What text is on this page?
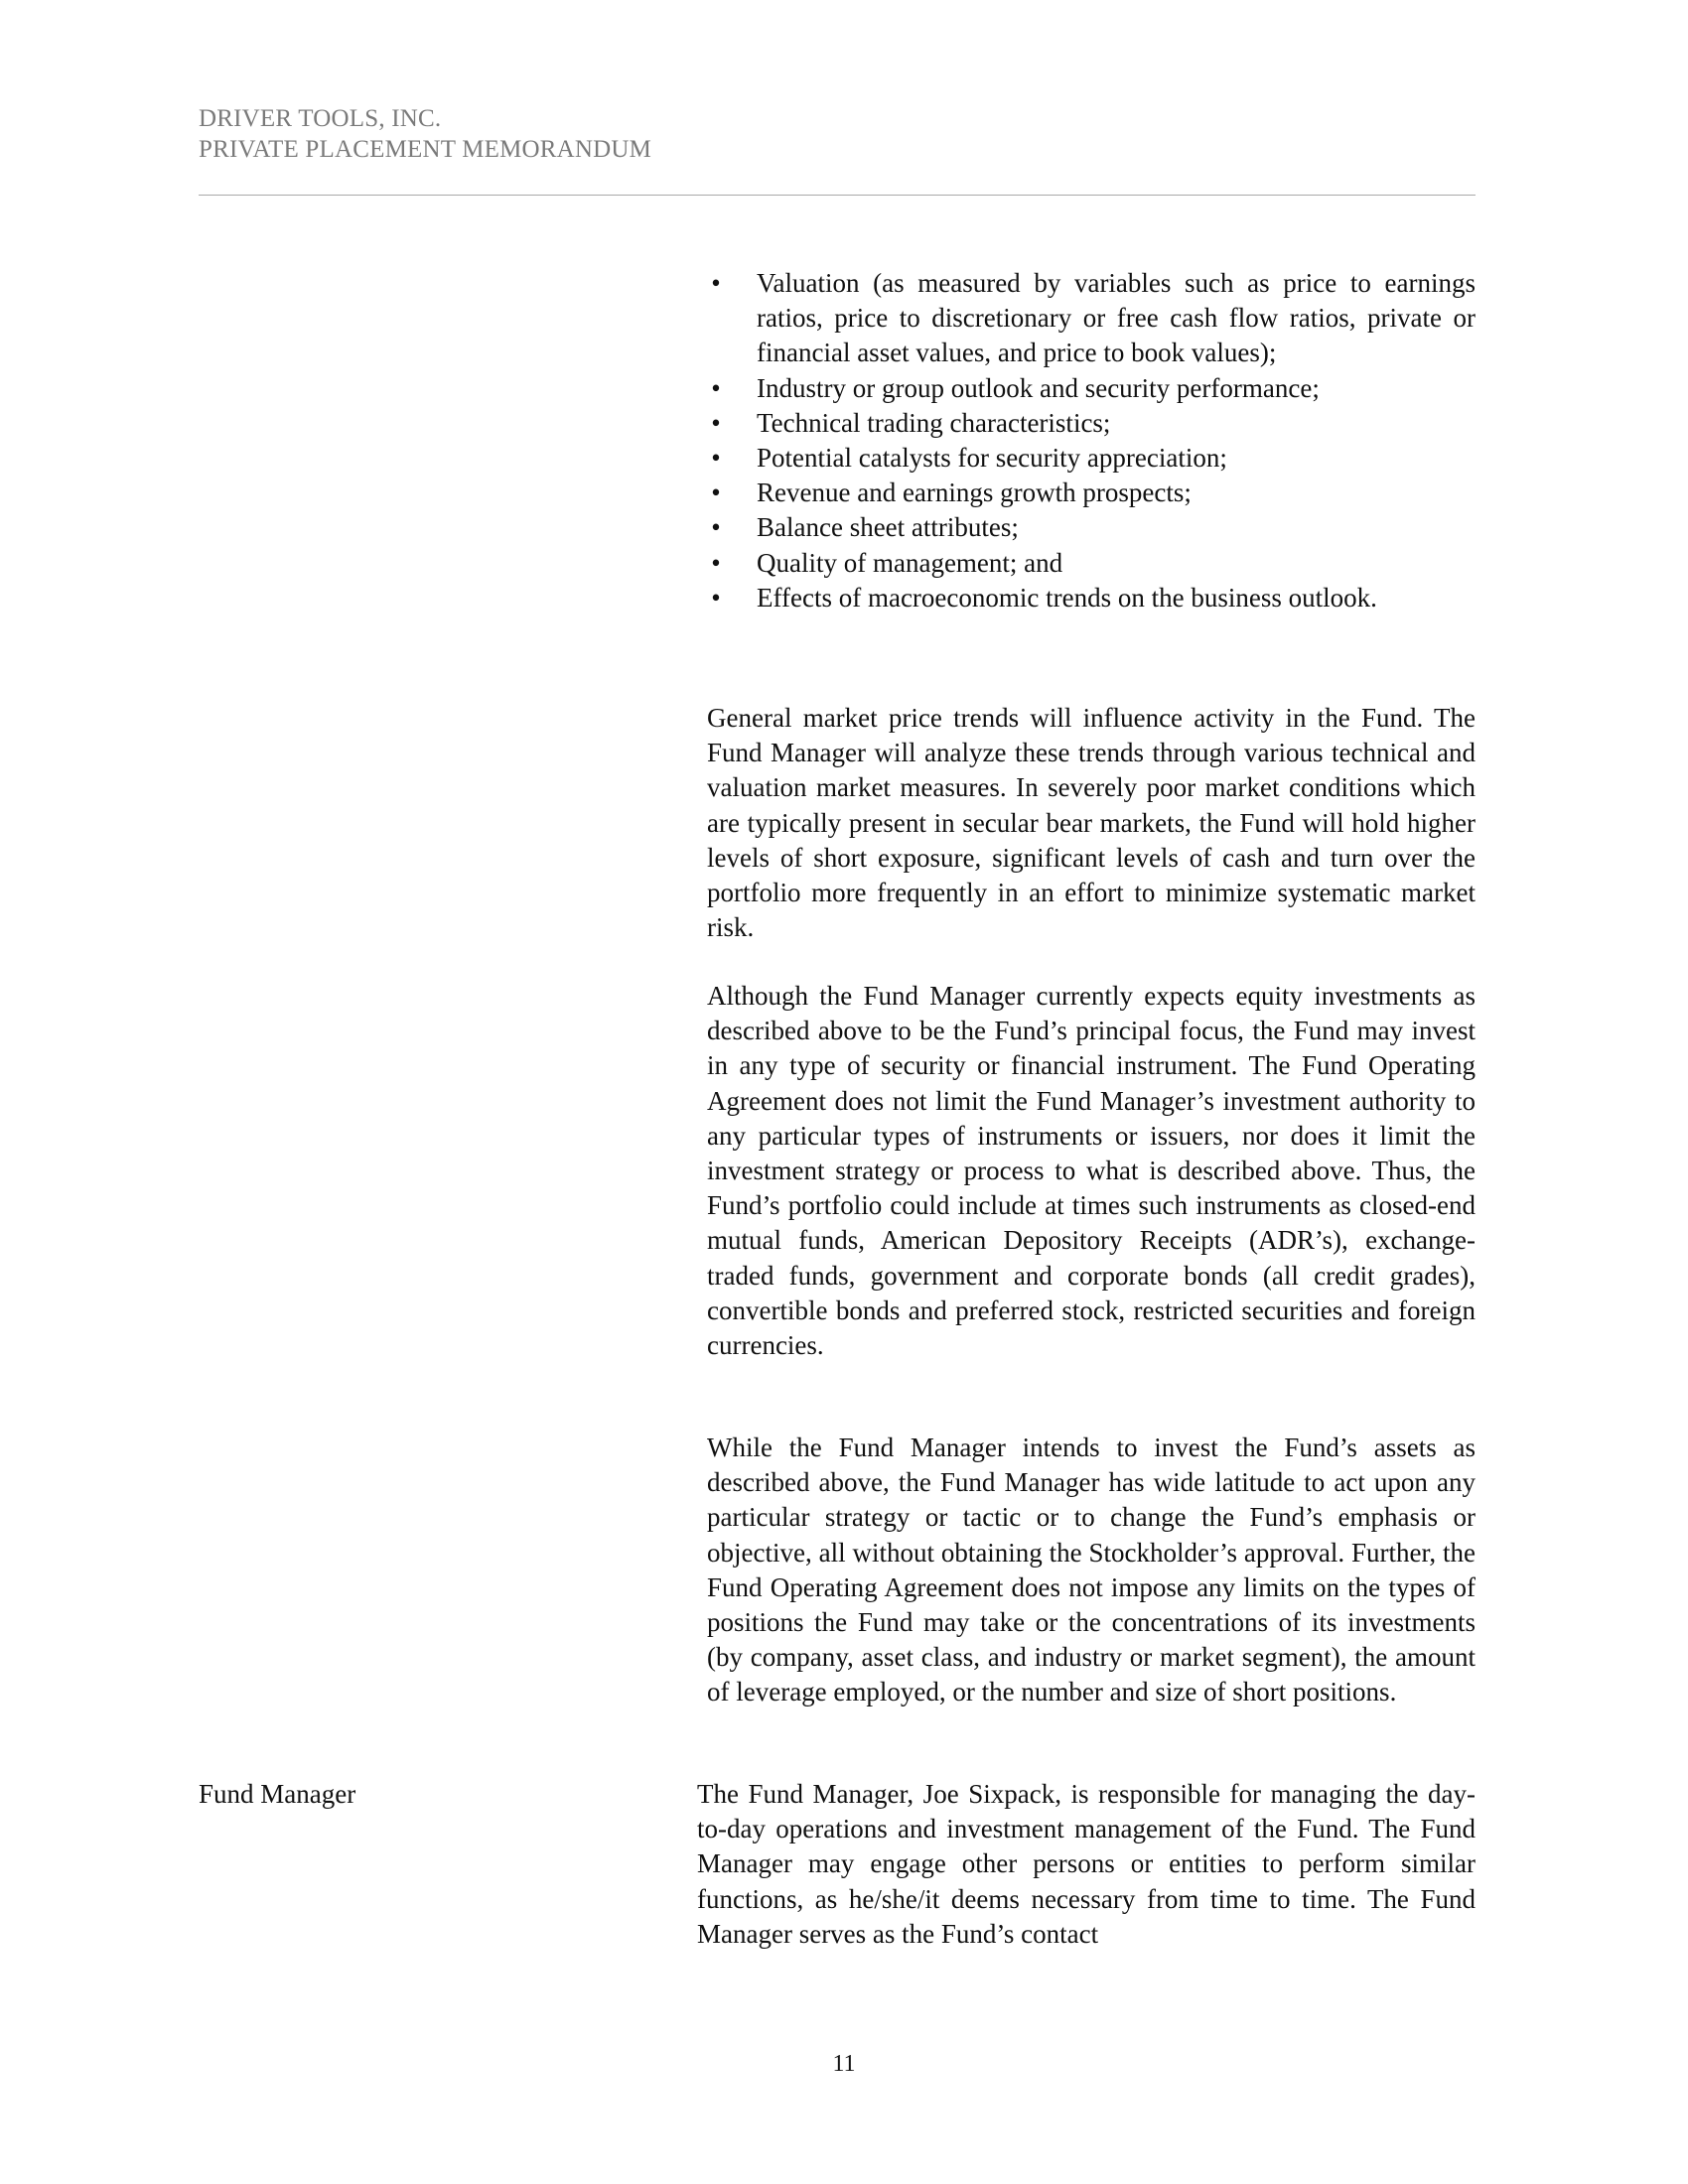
DRIVER TOOLS, INC.
PRIVATE PLACEMENT MEMORANDUM
• Valuation (as measured by variables such as price to earnings ratios, price to discretionary or free cash flow ratios, private or financial asset values, and price to book values);
• Industry or group outlook and security performance;
• Technical trading characteristics;
• Potential catalysts for security appreciation;
• Revenue and earnings growth prospects;
• Balance sheet attributes;
• Quality of management; and
• Effects of macroeconomic trends on the business outlook.

General market price trends will influence activity in the Fund. The Fund Manager will analyze these trends through various technical and valuation market measures. In severely poor market conditions which are typically present in secular bear markets, the Fund will hold higher levels of short exposure, significant levels of cash and turn over the portfolio more frequently in an effort to minimize systematic market risk.

Although the Fund Manager currently expects equity investments as described above to be the Fund’s principal focus, the Fund may invest in any type of security or financial instrument. The Fund Operating Agreement does not limit the Fund Manager’s investment authority to any particular types of instruments or issuers, nor does it limit the investment strategy or process to what is described above. Thus, the Fund’s portfolio could include at times such instruments as closed-end mutual funds, American Depository Receipts (ADR’s), exchange-traded funds, government and corporate bonds (all credit grades), convertible bonds and preferred stock, restricted securities and foreign currencies.

While the Fund Manager intends to invest the Fund’s assets as described above, the Fund Manager has wide latitude to act upon any particular strategy or tactic or to change the Fund’s emphasis or objective, all without obtaining the Stockholder’s approval. Further, the Fund Operating Agreement does not impose any limits on the types of positions the Fund may take or the concentrations of its investments (by company, asset class, and industry or market segment), the amount of leverage employed, or the number and size of short positions.

Fund Manager	The Fund Manager, Joe Sixpack, is responsible for managing the day-to-day operations and investment management of the Fund. The Fund Manager may engage other persons or entities to perform similar functions, as he/she/it deems necessary from time to time. The Fund Manager serves as the Fund’s contact

11
